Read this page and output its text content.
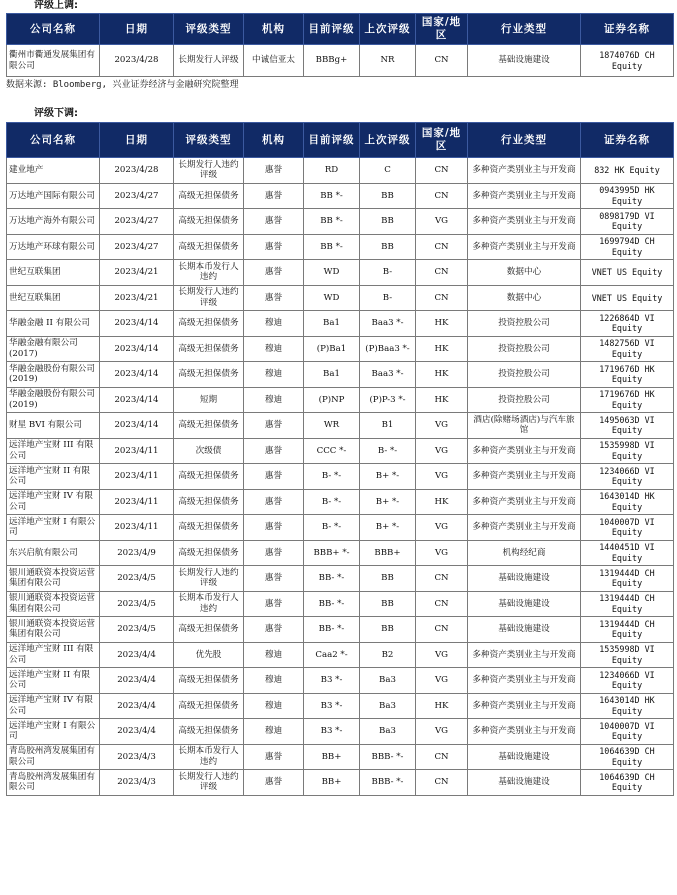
评级上调:
公司名称	日期	评级类型	机构	目前评级	上次评级	国家/地区	行业类型	证券名称
衢州市衢通发展集团有限公司	2023/4/28	长期发行人评级	中诚信亚太	BBBg+	NR	CN	基础设施建设	1874076D CH Equity
数据来源: Bloomberg, 兴业证券经济与金融研究院整理
评级下调:
公司名称	日期	评级类型	机构	目前评级	上次评级	国家/地区	行业类型	证券名称
建业地产	2023/4/28	长期发行人违约评级	惠誉	RD	C	CN	多种资产类别业主与开发商	832 HK Equity
万达地产国际有限公司	2023/4/27	高级无担保债务	惠誉	BB *-	BB	CN	多种资产类别业主与开发商	0943995D HK Equity
万达地产海外有限公司	2023/4/27	高级无担保债务	惠誉	BB *-	BB	VG	多种资产类别业主与开发商	0898179D VI Equity
万达地产环球有限公司	2023/4/27	高级无担保债务	惠誉	BB *-	BB	CN	多种资产类别业主与开发商	1699794D CH Equity
世纪互联集团	2023/4/21	长期本币发行人违约	惠誉	WD	B-	CN	数据中心	VNET US Equity
世纪互联集团	2023/4/21	长期发行人违约评级	惠誉	WD	B-	CN	数据中心	VNET US Equity
华融金融 II 有限公司	2023/4/14	高级无担保债务	穆迪	Ba1	Baa3 *-	HK	投资控股公司	1226864D VI Equity
华融金融有限公司(2017)	2023/4/14	高级无担保债务	穆迪	(P)Ba1	(P)Baa3 *-	HK	投资控股公司	1482756D VI Equity
华融金融股份有限公司(2019)	2023/4/14	高级无担保债务	穆迪	Ba1	Baa3 *-	HK	投资控股公司	1719676D HK Equity
华融金融股份有限公司(2019)	2023/4/14	短期	穆迪	(P)NP	(P)P-3 *-	HK	投资控股公司	1719676D HK Equity
财星 BVI 有限公司	2023/4/14	高级无担保债务	惠誉	WR	B1	VG	酒店(除赌场酒店)与汽车旅馆	1495063D VI Equity
远洋地产宝财 III 有限公司	2023/4/11	次级债	惠誉	CCC *-	B- *-	VG	多种资产类别业主与开发商	1535998D VI Equity
远洋地产宝财 II 有限公司	2023/4/11	高级无担保债务	惠誉	B- *-	B+ *-	VG	多种资产类别业主与开发商	1234066D VI Equity
远洋地产宝财 IV 有限公司	2023/4/11	高级无担保债务	惠誉	B- *-	B+ *-	HK	多种资产类别业主与开发商	1643014D HK Equity
远洋地产宝财 I 有限公司	2023/4/11	高级无担保债务	惠誉	B- *-	B+ *-	VG	多种资产类别业主与开发商	1040007D VI Equity
东兴启航有限公司	2023/4/9	高级无担保债务	惠誉	BBB+ *-	BBB+	VG	机构经纪商	1440451D VI Equity
银川通联资本投资运营集团有限公司	2023/4/5	长期发行人违约评级	惠誉	BB- *-	BB	CN	基础设施建设	1319444D CH Equity
银川通联资本投资运营集团有限公司	2023/4/5	长期本币发行人违约	惠誉	BB- *-	BB	CN	基础设施建设	1319444D CH Equity
银川通联资本投资运营集团有限公司	2023/4/5	高级无担保债务	惠誉	BB- *-	BB	CN	基础设施建设	1319444D CH Equity
远洋地产宝财 III 有限公司	2023/4/4	优先股	穆迪	Caa2 *-	B2	VG	多种资产类别业主与开发商	1535998D VI Equity
远洋地产宝财 II 有限公司	2023/4/4	高级无担保债务	穆迪	B3 *-	Ba3	VG	多种资产类别业主与开发商	1234066D VI Equity
远洋地产宝财 IV 有限公司	2023/4/4	高级无担保债务	穆迪	B3 *-	Ba3	HK	多种资产类别业主与开发商	1643014D HK Equity
远洋地产宝财 I 有限公司	2023/4/4	高级无担保债务	穆迪	B3 *-	Ba3	VG	多种资产类别业主与开发商	1040007D VI Equity
青岛胶州湾发展集团有限公司	2023/4/3	长期本币发行人违约	惠誉	BB+	BBB- *-	CN	基础设施建设	1064639D CH Equity
青岛胶州湾发展集团有限公司	2023/4/3	长期发行人违约评级	惠誉	BB+	BBB- *-	CN	基础设施建设	1064639D CH Equity
